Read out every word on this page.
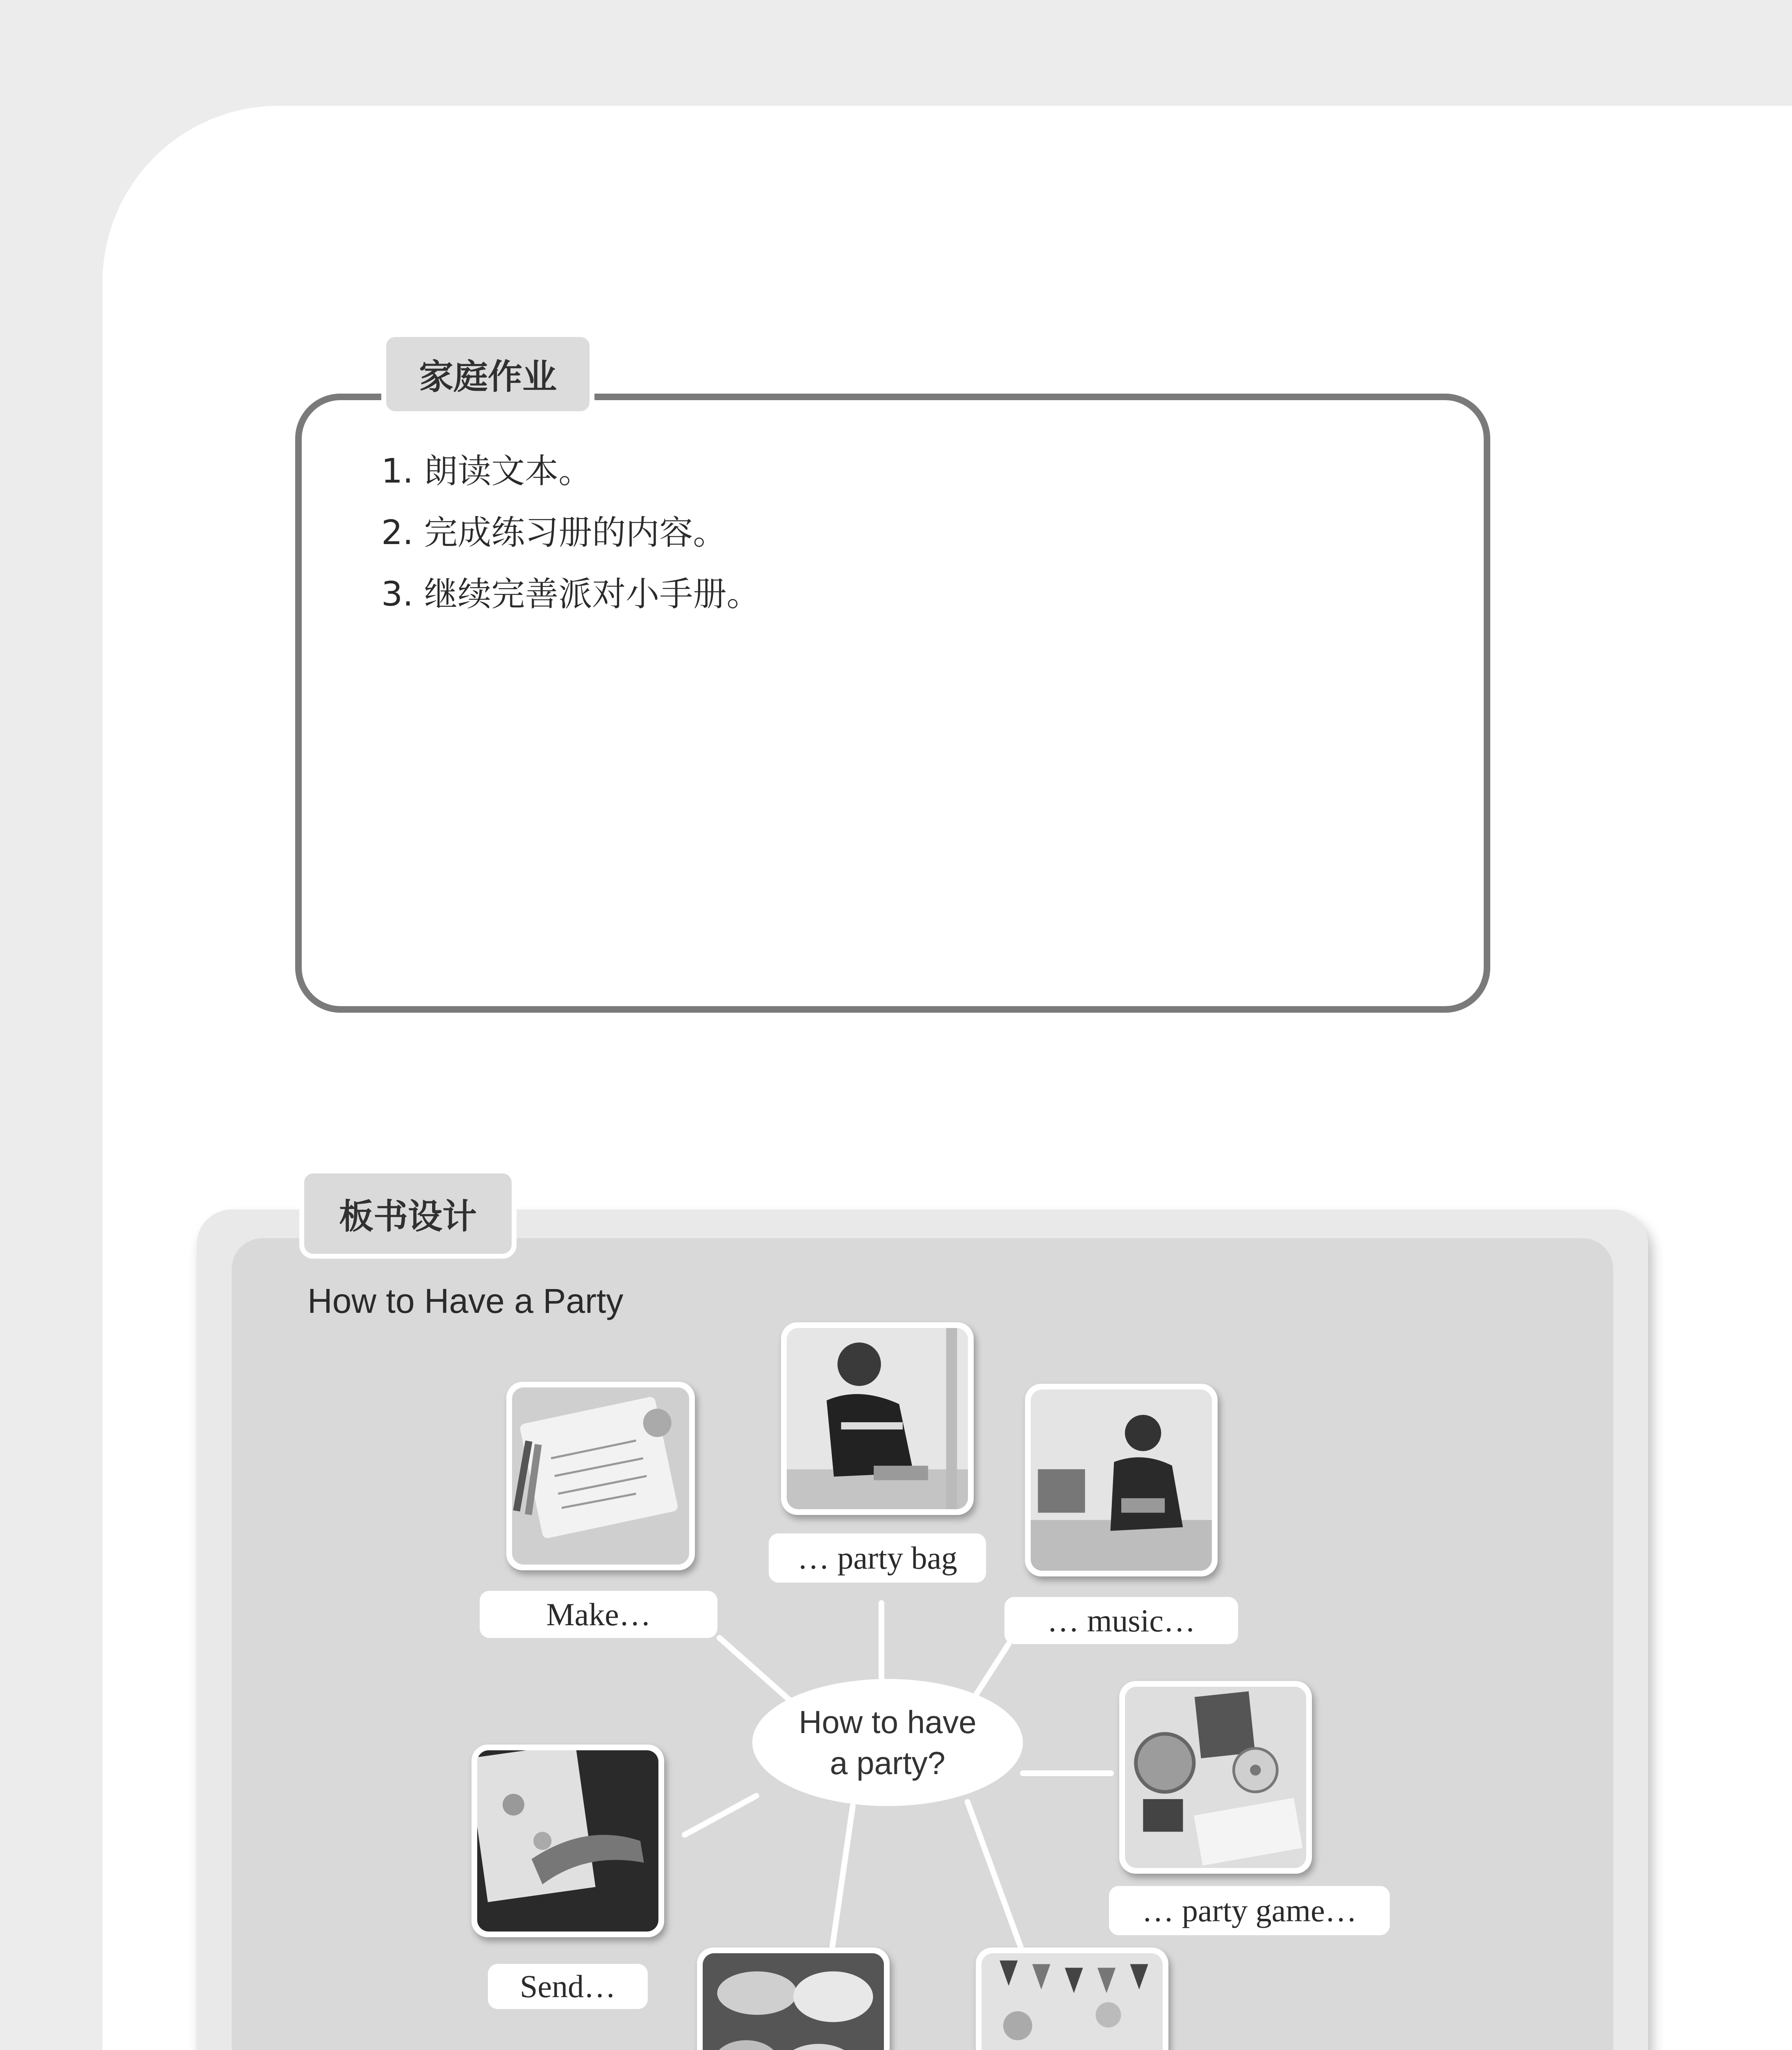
家庭作业
1. 朗读文本。
2. 完成练习册的内容。
3. 继续完善派对小手册。
板书设计
How to Have a Party
How to have
a party?
Make…
… party bag
… music…
… party game…
Send…
